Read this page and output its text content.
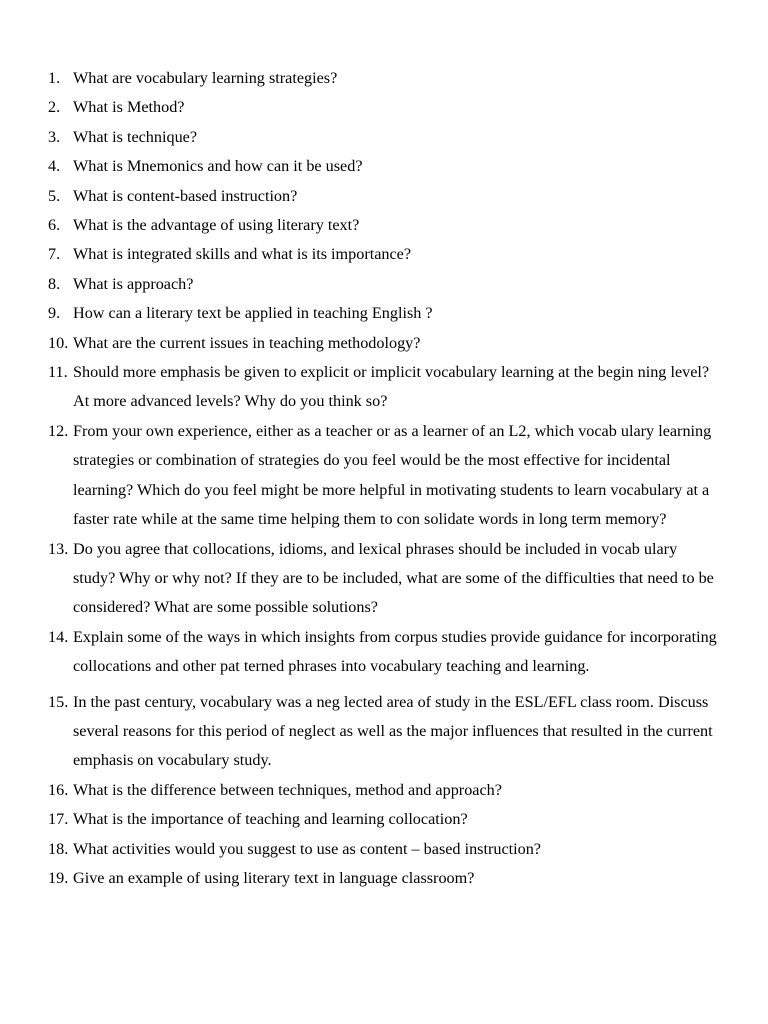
1. What are vocabulary learning strategies?
2. What is Method?
3. What is technique?
4. What is Mnemonics and how can it be used?
5. What is content-based instruction?
6. What is the advantage of using literary text?
7. What is integrated skills and what is its importance?
8. What is approach?
9. How can a literary text be applied in teaching English ?
10. What are the current issues in teaching methodology?
11. Should more emphasis be given to explicit or implicit vocabulary learning at the begin ning level? At more advanced levels? Why do you think so?
12. From your own experience, either as a teacher or as a learner of an L2, which vocab ulary learning strategies or combination of strategies do you feel would be the most effective for incidental learning? Which do you feel might be more helpful in motivating students to learn vocabulary at a faster rate while at the same time helping them to con solidate words in long term memory?
13. Do you agree that collocations, idioms, and lexical phrases should be included in vocab ulary study? Why or why not? If they are to be included, what are some of the difficulties that need to be considered? What are some possible solutions?
14. Explain some of the ways in which insights from corpus studies provide guidance for incorporating collocations and other pat terned phrases into vocabulary teaching and learning.
15. In the past century, vocabulary was a neg lected area of study in the ESL/EFL class room. Discuss several reasons for this period of neglect as well as the major influences that resulted in the current emphasis on vocabulary study.
16. What is the difference between techniques, method and approach?
17. What is the importance of teaching and learning collocation?
18. What activities would you suggest to use as content – based instruction?
19. Give an example of using literary text in language classroom?
